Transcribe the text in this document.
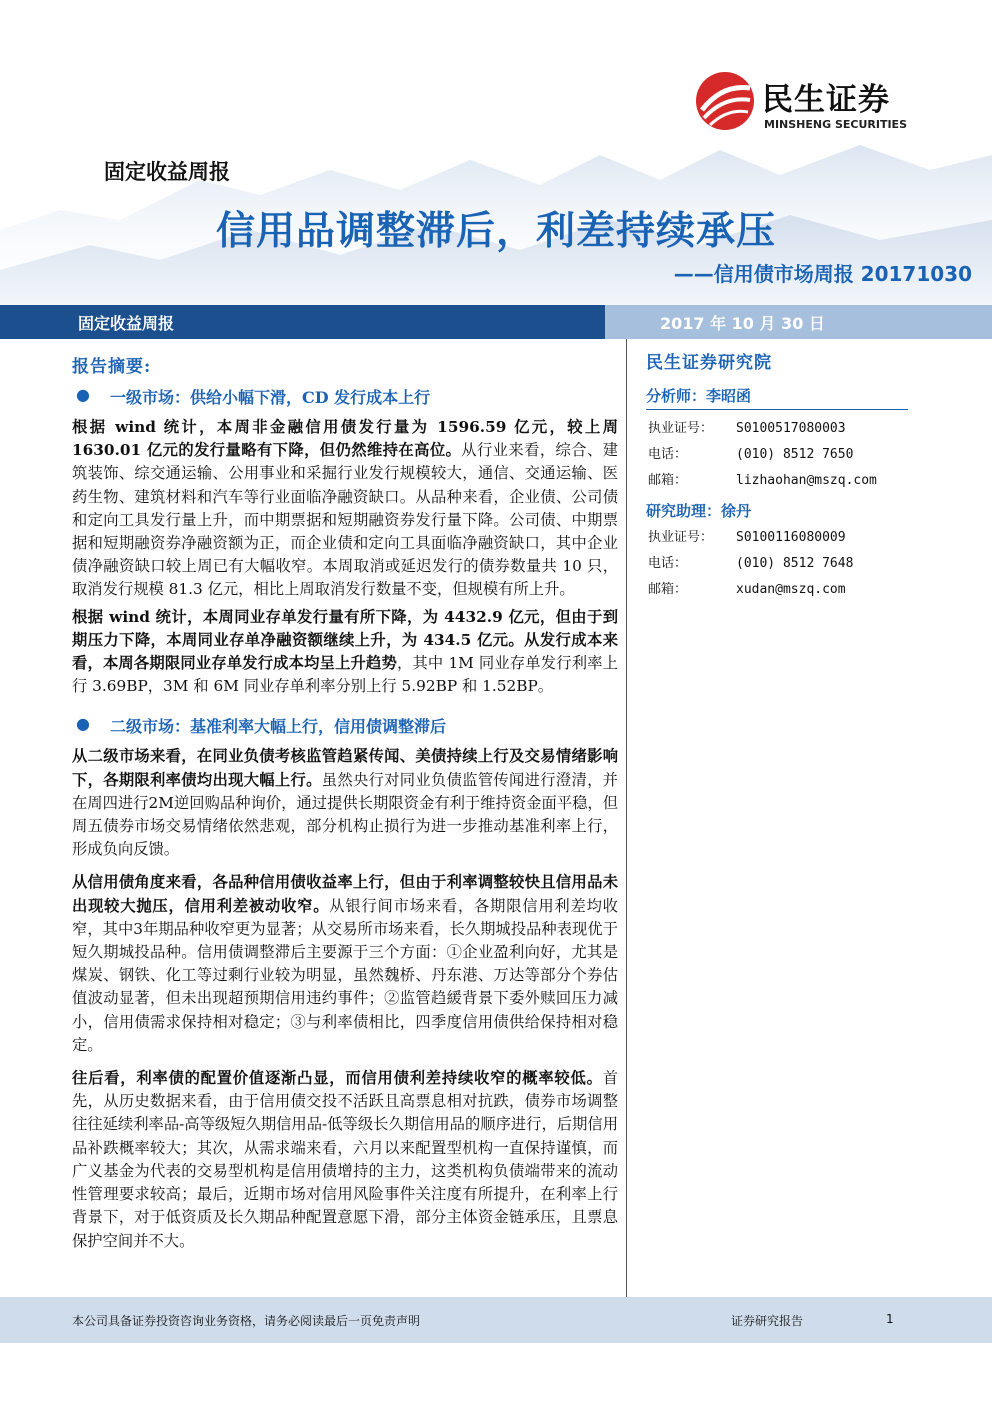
民生证券
MINSHENG SECURITIES
固定收益周报
信用品调整滞后，利差持续承压
——信用债市场周报 20171030
固定收益周报	2017 年 10 月 30 日
报告摘要:
● 一级市场：供给小幅下滑，CD 发行成本上行

根据 wind 统计，本周非金融信用债发行量为 1596.59 亿元，较上周 1630.01 亿元的发行量略有下降，但仍然维持在高位。从行业来看，综合、建筑装饰、综交通运输、公用事业和采掘行业发行规模较大，通信、交通运输、医药生物、建筑材料和汽车等行业面临净融资缺口。从品种来看，企业债、公司债和定向工具发行量上升，而中期票据和短期融资券发行量下降。公司债、中期票据和短期融资券净融资额为正，而企业债和定向工具面临净融资缺口，其中企业债净融资缺口较上周已有大幅收窄。本周取消或延迟发行的债券数量共 10 只，取消发行规模 81.3 亿元，相比上周取消发行数量不变，但规模有所上升。

根据 wind 统计，本周同业存单发行量有所下降，为 4432.9 亿元，但由于到期压力下降，本周同业存单净融资额继续上升，为 434.5 亿元。从发行成本来看，本周各期限同业存单发行成本均呈上升趋势，其中 1M 同业存单发行利率上行 3.69BP，3M 和 6M 同业存单利率分别上行 5.92BP 和 1.52BP。

● 二级市场：基准利率大幅上行，信用债调整滞后

从二级市场来看，在同业负债考核监管趋紧传闻、美债持续上行及交易情绪影响下，各期限利率债均出现大幅上行。虽然央行对同业负债监管传闻进行澄清，并在周四进行2M逆回购品种询价，通过提供长期限资金有利于维持资金面平稳，但周五债券市场交易情绪依然悲观，部分机构止损行为进一步推动基准利率上行，形成负向反馈。

从信用债角度来看，各品种信用债收益率上行，但由于利率调整较快且信用品未出现较大抛压，信用利差被动收窄。从银行间市场来看，各期限信用利差均收窄，其中3年期品种收窄更为显著；从交易所市场来看，长久期城投品种表现优于短久期城投品种。信用债调整滞后主要源于三个方面：①企业盈利向好，尤其是煤炭、钢铁、化工等过剩行业较为明显，虽然魏桥、丹东港、万达等部分个券估值波动显著，但未出现超预期信用违约事件；②监管趋緩背景下委外赎回压力减小，信用债需求保持相对稳定；③与利率债相比，四季度信用债供给保持相对稳定。

往后看，利率债的配置价值逐渐凸显，而信用债利差持续收窄的概率较低。首先，从历史数据来看，由于信用债交投不活跃且高票息相对抗跌，债券市场调整往往延续利率品-高等级短久期信用品-低等级长久期信用品的顺序进行，后期信用品补跌概率较大；其次，从需求端来看，六月以来配置型机构一直保持谨慎，而广义基金为代表的交易型机构是信用债增持的主力，这类机构负债端带来的流动性管理要求较高；最后，近期市场对信用风险事件关注度有所提升，在利率上行背景下，对于低资质及长久期品种配置意愿下滑，部分主体资金链承压，且票息保护空间并不大。

民生证券研究院
分析师：李昭函
执业证号： S0100517080003
电话：	(010) 8512 7650
邮箱：	lizhaohan@mszq.com
研究助理：徐丹
执业证号： S0100116080009
电话：	(010) 8512 7648
邮箱：	xudan@mszq.com
本公司具备证券投资咨询业务资格，请务必阅读最后一页免责声明	证券研究报告	1
